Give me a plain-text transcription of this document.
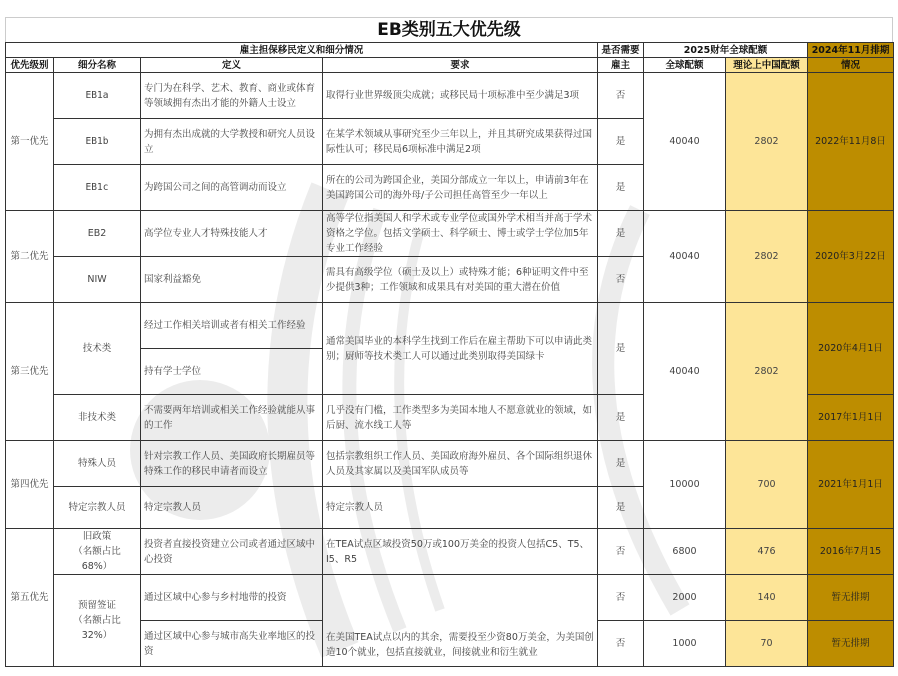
EB类别五大优先级
雇主担保移民定义和细分情况				是否需要	2025财年全球配额		2024年11月排期
优先级别	细分名称	定义	要求	雇主	全球配额	理论上中国配额	情况
第一优先	EB1a	专门为在科学、艺术、教育、商业或体育等领域拥有杰出才能的外籍人士设立	取得行业世界级顶尖成就；或移民局十项标准中至少满足3项	否	40040	2802	2022年11月8日
	EB1b	为拥有杰出成就的大学教授和研究人员设立	在某学术领域从事研究至少三年以上，并且其研究成果获得过国际性认可；移民局6项标准中满足2项	是			
	EB1c	为跨国公司之间的高管调动而设立	所在的公司为跨国企业，美国分部成立一年以上，申请前3年在美国跨国公司的海外母/子公司担任高管至少一年以上	是			
第二优先	EB2	高学位专业人才特殊技能人才	高等学位指美国人和学术或专业学位或国外学术相当并高于学术资格之学位。包括文学硕士、科学硕士、博士或学士学位加5年专业工作经验	是	40040	2802	2020年3月22日
	NIW	国家利益豁免	需具有高级学位（硕士及以上）或特殊才能；6种证明文件中至少提供3种；工作领域和成果具有对美国的重大潜在价值	否			
第三优先	技术类	经过工作相关培训或者有相关工作经验	通常美国毕业的本科学生找到工作后在雇主帮助下可以申请此类别；厨师等技术类工人可以通过此类别取得美国绿卡	是	40040	2802	2020年4月1日
		持有学士学位					
	非技术类	不需要两年培训或相关工作经验就能从事的工作	几乎没有门槛，工作类型多为美国本地人不愿意就业的领域，如后厨、流水线工人等	是			2017年1月1日
第四优先	特殊人员	针对宗教工作人员、美国政府长期雇员等特殊工作的移民申请者而设立	包括宗教组织工作人员、美国政府海外雇员、各个国际组织退休人员及其家属以及美国军队成员等	是	10000	700	2021年1月1日
	特定宗教人员	特定宗教人员	特定宗教人员	是			
第五优先	旧政策
（名额占比
68%）	投资者直接投资建立公司或者通过区域中心投资	在TEA试点区域投资50万或100万美金的投资人包括C5、T5、I5、R5	否	6800	476	2016年7月15

	预留签证
（名额占比
32%）	通过区域中心参与乡村地带的投资	在美国TEA试点以内的其余，需要投至少资80万美金，为美国创造10个就业，包括直接就业，间接就业和衍生就业	否	2000	140	暂无排期
		通过区域中心参与城市高失业率地区的投资		否	1000	70	暂无排期
